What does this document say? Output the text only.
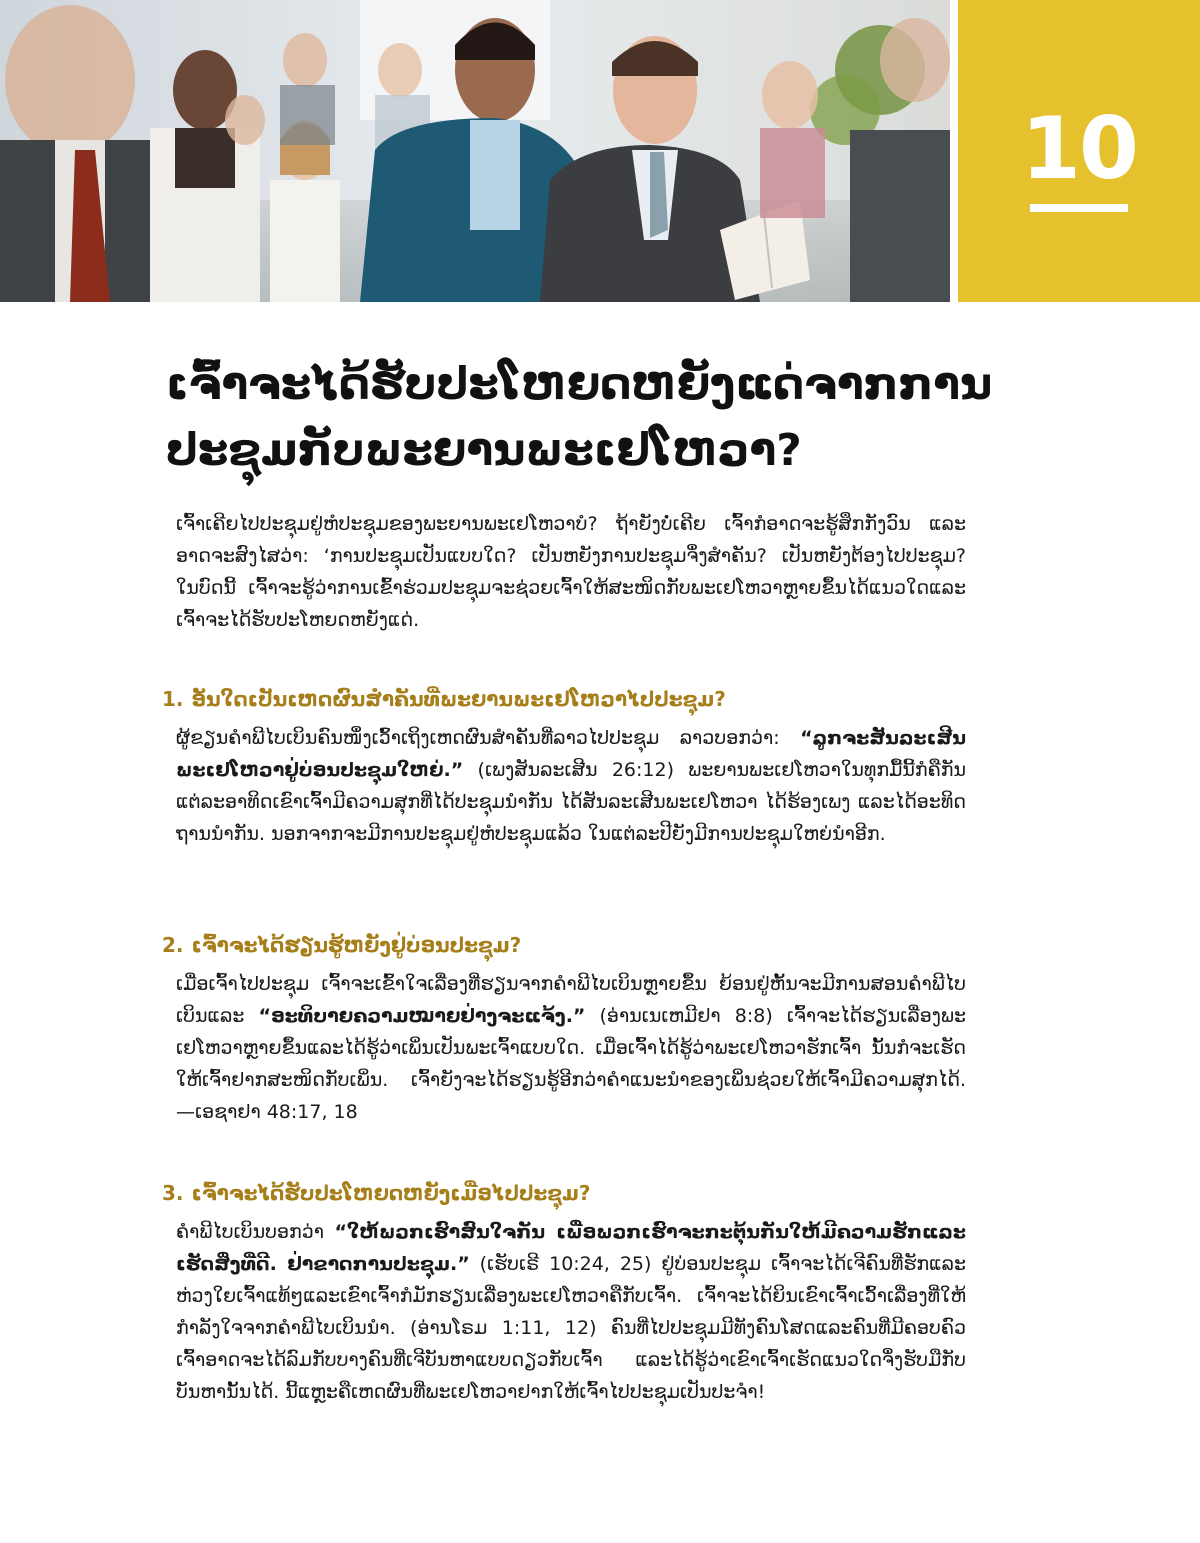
10
ເຈົ້າຈະໄດ້ຮັບປະໂຫຍດຫຍັງແດ່ຈາກການປະຊຸມກັບພະຍານພະເຢໂຫວາ?

ເຈົ້າເຄີຍໄປປະຊຸມຢູ່ຫໍປະຊຸມຂອງພະຍານພະເຢໂຫວາບໍ? ຖ້າຍັງບໍ່ເຄີຍ ເຈົ້າກໍອາດຈະຮູ້ສຶກກັງວົນ ແລະອາດຈະສົງໄສວ່າ: ‘ການປະຊຸມເປັນແບບໃດ? ເປັນຫຍັງການປະຊຸມຈຶ່ງສຳຄັນ? ເປັນຫຍັງຕ້ອງໄປປະຊຸມ? ໃນບົດນີ້ ເຈົ້າຈະຮູ້ວ່າການເຂົ້າຮ່ວມປະຊຸມຈະຊ່ວຍເຈົ້າໃຫ້ສະໜິດກັບພະເຢໂຫວາຫຼາຍຂຶ້ນໄດ້ແນວໃດແລະເຈົ້າຈະໄດ້ຮັບປະໂຫຍດຫຍັງແດ່.

1. ອັນໃດເປັນເຫດຜົນສຳຄັນທີ່ພະຍານພະເຢໂຫວາໄປປະຊຸມ?

ຜູ້ຂຽນຄຳພີໄບເບິນຄົນໜຶ່ງເວົ້າເຖິງເຫດຜົນສຳຄັນທີ່ລາວໄປປະຊຸມ ລາວບອກວ່າ: “ລູກຈະສັນລະເສີນພະເຢໂຫວາຢູ່ບ່ອນປະຊຸມໃຫຍ່.” (ເພງສັນລະເສີນ 26:12) ພະຍານພະເຢໂຫວາໃນທຸກມື້ນີ້ກໍຄືກັນ ແຕ່ລະອາທິດເຂົາເຈົ້າມີຄວາມສຸກທີ່ໄດ້ປະຊຸມນຳກັນ ໄດ້ສັນລະເສີນພະເຢໂຫວາ ໄດ້ຮ້ອງເພງ ແລະໄດ້ອະທິດຖານນຳກັນ. ນອກຈາກຈະມີການປະຊຸມຢູ່ຫໍປະຊຸມແລ້ວ ໃນແຕ່ລະປີຍັງມີການປະຊຸມໃຫຍ່ນຳອີກ.

2. ເຈົ້າຈະໄດ້ຮຽນຮູ້ຫຍັງຢູ່ບ່ອນປະຊຸມ?

ເມື່ອເຈົ້າໄປປະຊຸມ ເຈົ້າຈະເຂົ້າໃຈເລື່ອງທີ່ຮຽນຈາກຄຳພີໄບເບິນຫຼາຍຂຶ້ນ ຍ້ອນຢູ່ຫັ້ນຈະມີການສອນຄຳພີໄບເບິນແລະ “ອະທິບາຍຄວາມໝາຍຢ່າງຈະແຈ້ງ.” (ອ່ານເນເຫມີຢາ 8:8) ເຈົ້າຈະໄດ້ຮຽນເລື່ອງພະເຢໂຫວາຫຼາຍຂຶ້ນແລະໄດ້ຮູ້ວ່າເພິ່ນເປັນພະເຈົ້າແບບໃດ. ເມື່ອເຈົ້າໄດ້ຮູ້ວ່າພະເຢໂຫວາຮັກເຈົ້າ ນັ້ນກໍຈະເຮັດໃຫ້ເຈົ້າຢາກສະໜິດກັບເພິ່ນ. ເຈົ້າຍັງຈະໄດ້ຮຽນຮູ້ອີກວ່າຄຳແນະນຳຂອງເພິ່ນຊ່ວຍໃຫ້ເຈົ້າມີຄວາມສຸກໄດ້.—ເອຊາຢາ 48:17, 18

3. ເຈົ້າຈະໄດ້ຮັບປະໂຫຍດຫຍັງເມື່ອໄປປະຊຸມ?

ຄຳພີໄບເບິນບອກວ່າ “ໃຫ້ພວກເຮົາສົນໃຈກັນ ເພື່ອພວກເຮົາຈະກະຕຸ້ນກັນໃຫ້ມີຄວາມຮັກແລະເຮັດສິ່ງທີ່ດີ. ຢ່າຂາດການປະຊຸມ.” (ເຮັບເຣີ 10:24, 25) ຢູ່ບ່ອນປະຊຸມ ເຈົ້າຈະໄດ້ເຈີຄົນທີ່ຮັກແລະຫ່ວງໃຍເຈົ້າແທ້ໆແລະເຂົາເຈົ້າກໍມັກຮຽນເລື່ອງພະເຢໂຫວາຄືກັບເຈົ້າ. ເຈົ້າຈະໄດ້ຍິນເຂົາເຈົ້າເວົ້າເລື່ອງທີ່ໃຫ້ກຳລັງໃຈຈາກຄຳພີໄບເບິນນຳ. (ອ່ານໂຣມ 1:11, 12) ຄົນທີ່ໄປປະຊຸມມີທັງຄົນໂສດແລະຄົນທີ່ມີຄອບຄົວ ເຈົ້າອາດຈະໄດ້ລົມກັບບາງຄົນທີ່ເຈີບັນຫາແບບດຽວກັບເຈົ້າ ແລະໄດ້ຮູ້ວ່າເຂົາເຈົ້າເຮັດແນວໃດຈຶ່ງຮັບມືກັບບັນຫານັ້ນໄດ້. ນີ້ແຫຼະຄືເຫດຜົນທີ່ພະເຢໂຫວາຢາກໃຫ້ເຈົ້າໄປປະຊຸມເປັນປະຈຳ!
